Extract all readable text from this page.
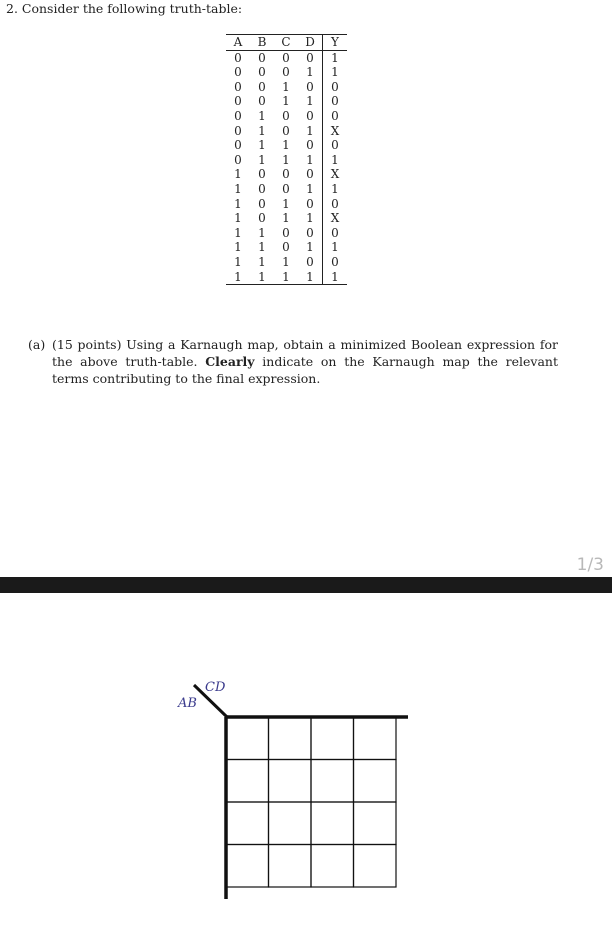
2. Consider the following truth-table:
A	B	C	D	Y
0	0	0	0	1
0	0	0	1	1
0	0	1	0	0
0	0	1	1	0
0	1	0	0	0
0	1	0	1	X
0	1	1	0	0
0	1	1	1	1
1	0	0	0	X
1	0	0	1	1
1	0	1	0	0
1	0	1	1	X
1	1	0	0	0
1	1	0	1	1
1	1	1	0	0
1	1	1	1	1
(a) (15 points) Using a Karnaugh map, obtain a minimized Boolean expression for the above truth-table. Clearly indicate on the Karnaugh map the relevant terms contributing to the final expression.
1/3
CD
AB
